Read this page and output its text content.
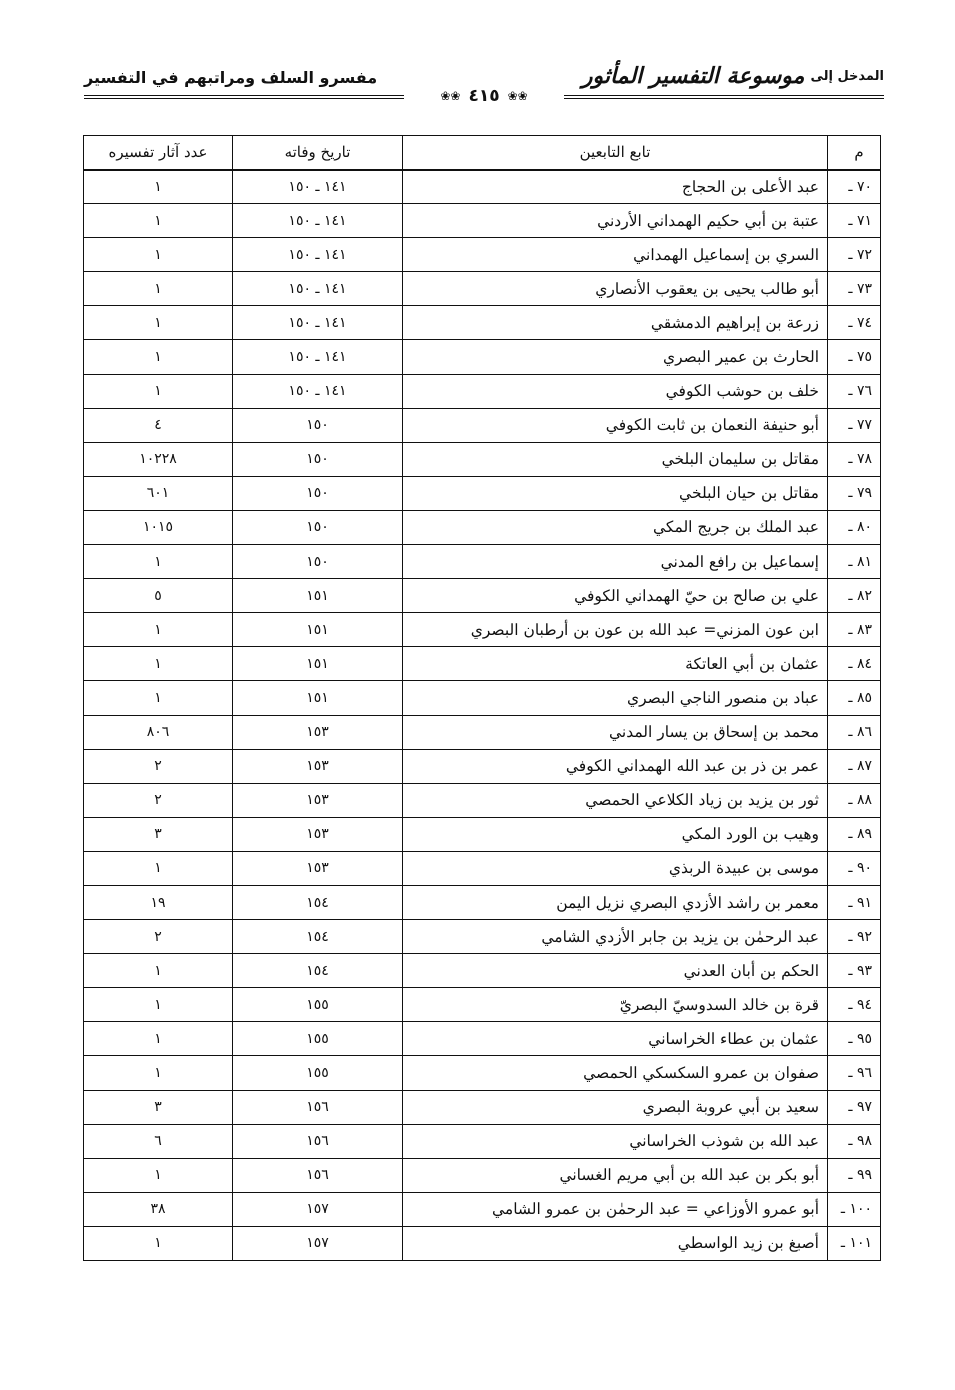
المدخل إلى
موسوعة التفسير المأثور
مفسرو السلف ومراتبهم في التفسير
❀❀
٤١٥
❀❀
م	تابع التابعين	تاريخ وفاته	عدد آثار تفسيره
٧٠ ـ	عبد الأعلى بن الحجاج	١٤١ ـ ١٥٠	١
٧١ ـ	عتبة بن أبي حكيم الهمداني الأردني	١٤١ ـ ١٥٠	١
٧٢ ـ	السري بن إسماعيل الهمداني	١٤١ ـ ١٥٠	١
٧٣ ـ	أبو طالب يحيى بن يعقوب الأنصاري	١٤١ ـ ١٥٠	١
٧٤ ـ	زرعة بن إبراهيم الدمشقي	١٤١ ـ ١٥٠	١
٧٥ ـ	الحارث بن عمير البصري	١٤١ ـ ١٥٠	١
٧٦ ـ	خلف بن حوشب الكوفي	١٤١ ـ ١٥٠	١
٧٧ ـ	أبو حنيفة النعمان بن ثابت الكوفي	١٥٠	٤
٧٨ ـ	مقاتل بن سليمان البلخي	١٥٠	١٠٢٢٨
٧٩ ـ	مقاتل بن حيان البلخي	١٥٠	٦٠١
٨٠ ـ	عبد الملك بن جريج المكي	١٥٠	١٠١٥
٨١ ـ	إسماعيل بن رافع المدني	١٥٠	١
٨٢ ـ	علي بن صالح بن حيّ الهمداني الكوفي	١٥١	٥
٨٣ ـ	ابن عون المزني= عبد الله بن عون بن أرطبان البصري	١٥١	١
٨٤ ـ	عثمان بن أبي العاتكة	١٥١	١
٨٥ ـ	عباد بن منصور الناجي البصري	١٥١	١
٨٦ ـ	محمد بن إسحاق بن يسار المدني	١٥٣	٨٠٦
٨٧ ـ	عمر بن ذر بن عبد الله الهمداني الكوفي	١٥٣	٢
٨٨ ـ	ثور بن يزيد بن زياد الكلاعي الحمصي	١٥٣	٢
٨٩ ـ	وهيب بن الورد المكي	١٥٣	٣
٩٠ ـ	موسى بن عبيدة الربذي	١٥٣	١
٩١ ـ	معمر بن راشد الأزدي البصري نزيل اليمن	١٥٤	١٩
٩٢ ـ	عبد الرحمٰن بن يزيد بن جابر الأزدي الشامي	١٥٤	٢
٩٣ ـ	الحكم بن أبان العدني	١٥٤	١
٩٤ ـ	قرة بن خالد السدوسيّ البصريّ	١٥٥	١
٩٥ ـ	عثمان بن عطاء الخراساني	١٥٥	١
٩٦ ـ	صفوان بن عمرو السكسكي الحمصي	١٥٥	١
٩٧ ـ	سعيد بن أبي عروبة البصري	١٥٦	٣
٩٨ ـ	عبد الله بن شوذب الخراساني	١٥٦	٦
٩٩ ـ	أبو بكر بن عبد الله بن أبي مريم الغساني	١٥٦	١
١٠٠ ـ	أبو عمرو الأوزاعي = عبد الرحمٰن بن عمرو الشامي	١٥٧	٣٨
١٠١ ـ	أصبغ بن زيد الواسطي	١٥٧	١
